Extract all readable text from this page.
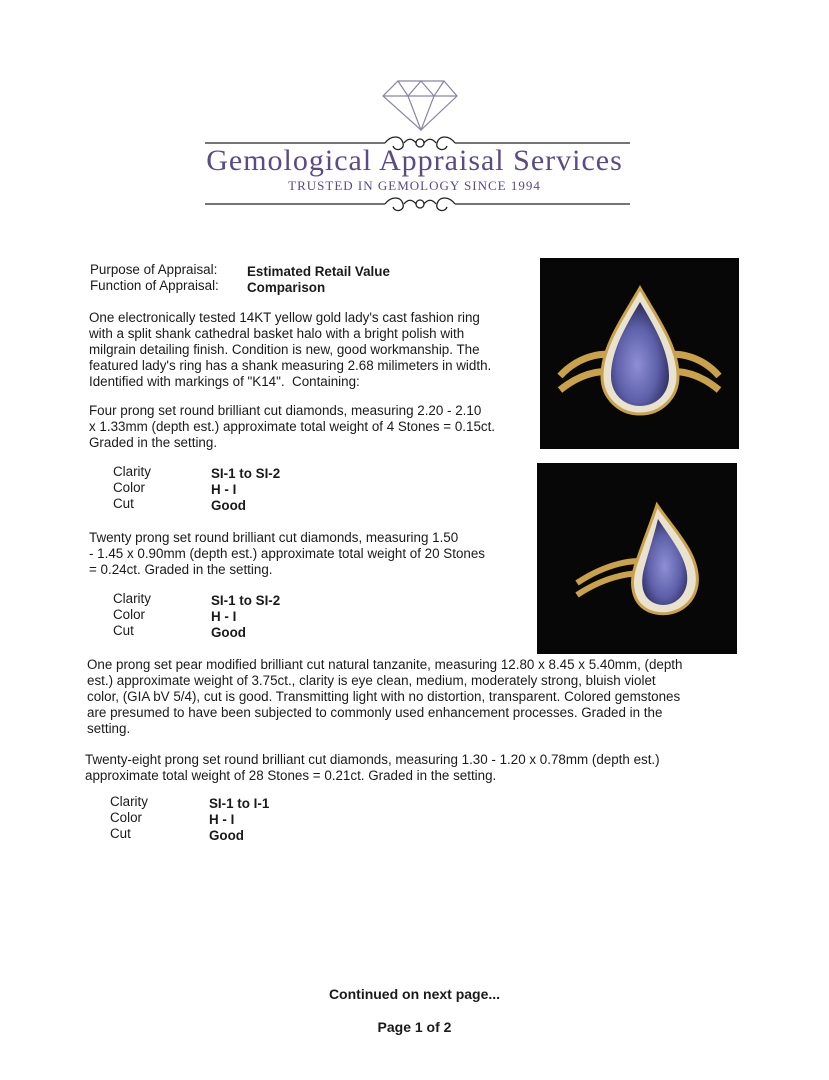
Gemological Appraisal Services
TRUSTED IN GEMOLOGY SINCE 1994
Purpose of Appraisal: Estimated Retail Value
Function of Appraisal: Comparison
One electronically tested 14KT yellow gold lady's cast fashion ring
with a split shank cathedral basket halo with a bright polish with
milgrain detailing finish. Condition is new, good workmanship. The
featured lady's ring has a shank measuring 2.68 milimeters in width.
Identified with markings of "K14".  Containing:
Four prong set round brilliant cut diamonds, measuring 2.20 - 2.10
x 1.33mm (depth est.) approximate total weight of 4 Stones = 0.15ct.
Graded in the setting.
Clarity	SI-1 to SI-2
Color	H - I
Cut	Good
Twenty prong set round brilliant cut diamonds, measuring 1.50
- 1.45 x 0.90mm (depth est.) approximate total weight of 20 Stones
= 0.24ct. Graded in the setting.
Clarity	SI-1 to SI-2
Color	H - I
Cut	Good
One prong set pear modified brilliant cut natural tanzanite, measuring 12.80 x 8.45 x 5.40mm, (depth
est.) approximate weight of 3.75ct., clarity is eye clean, medium, moderately strong, bluish violet
color, (GIA bV 5/4), cut is good. Transmitting light with no distortion, transparent. Colored gemstones
are presumed to have been subjected to commonly used enhancement processes. Graded in the
setting.
Twenty-eight prong set round brilliant cut diamonds, measuring 1.30 - 1.20 x 0.78mm (depth est.)
approximate total weight of 28 Stones = 0.21ct. Graded in the setting.
Clarity	SI-1 to I-1
Color	H - I
Cut	Good
Continued on next page...
Page 1 of 2
